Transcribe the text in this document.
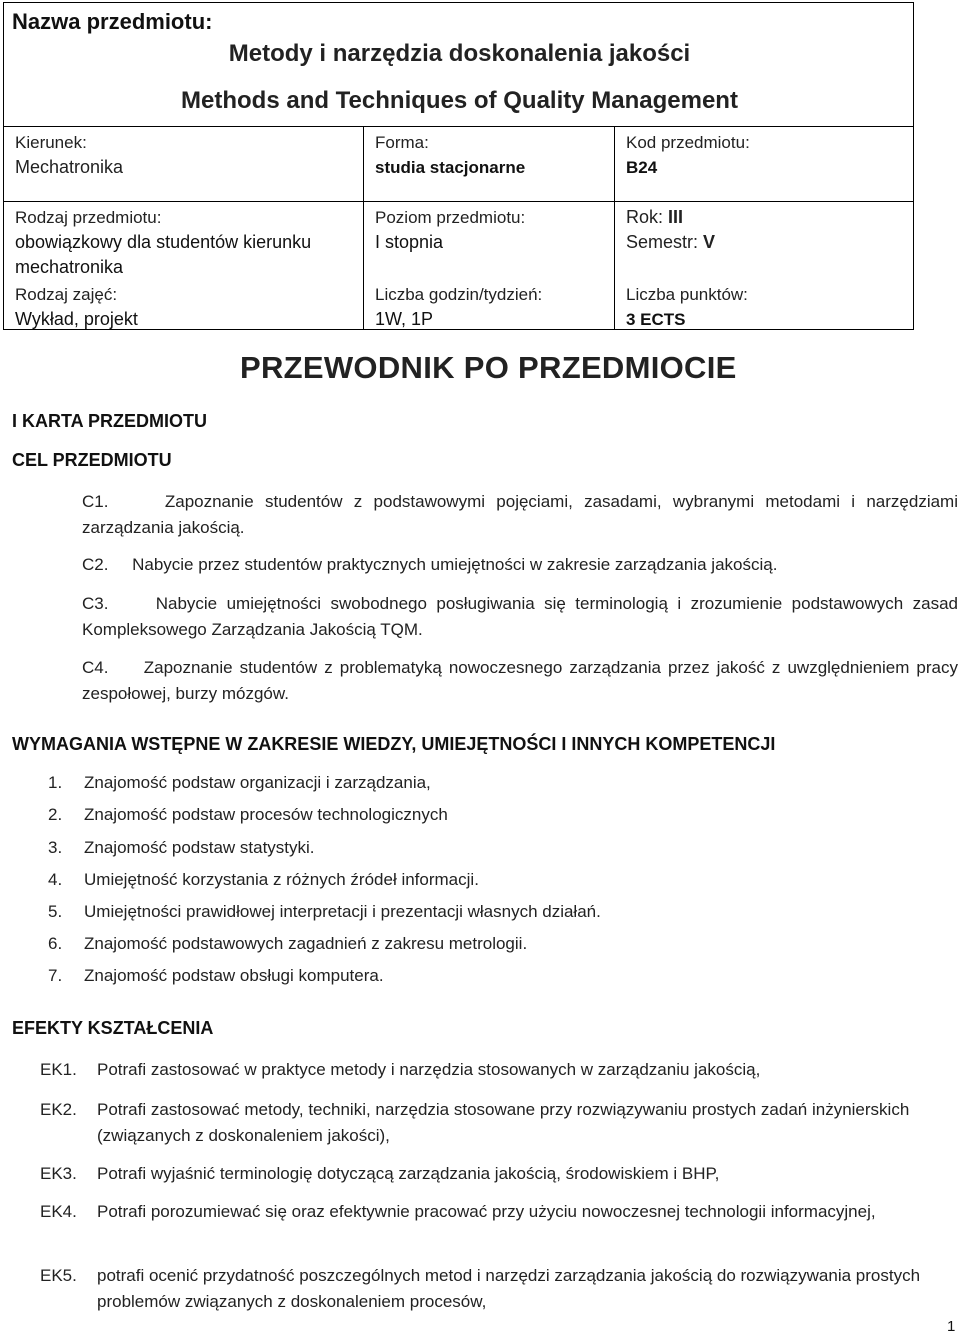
Nazwa przedmiotu:
Metody i narzędzia doskonalenia jakości
Methods and Techniques of Quality Management
Kierunek:
Mechatronika
Forma:
studia stacjonarne
Kod przedmiotu:
B24
Rodzaj przedmiotu:
obowiązkowy dla studentów kierunku mechatronika
Rodzaj zajęć:
Wykład, projekt
Poziom przedmiotu:
I stopnia
Liczba godzin/tydzień:
1W, 1P
Rok: III
Semestr: V
Liczba punktów:
3 ECTS
PRZEWODNIK PO PRZEDMIOCIE
I KARTA PRZEDMIOTU
CEL PRZEDMIOTU
C1.	Zapoznanie studentów z podstawowymi pojęciami, zasadami, wybranymi metodami i narzędziami zarządzania jakością.
C2. Nabycie przez studentów praktycznych umiejętności w zakresie zarządzania jakością.
C3.	Nabycie umiejętności swobodnego posługiwania się terminologią i zrozumienie podstawowych zasad Kompleksowego Zarządzania Jakością TQM.
C4. Zapoznanie studentów z problematyką nowoczesnego zarządzania przez jakość z uwzględnieniem pracy zespołowej, burzy mózgów.
WYMAGANIA WSTĘPNE W ZAKRESIE WIEDZY, UMIEJĘTNOŚCI I INNYCH KOMPETENCJI
1. Znajomość podstaw organizacji i zarządzania,
2. Znajomość podstaw procesów technologicznych
3. Znajomość podstaw statystyki.
4. Umiejętność korzystania z różnych źródeł informacji.
5. Umiejętności prawidłowej interpretacji i prezentacji własnych działań.
6. Znajomość podstawowych zagadnień z zakresu metrologii.
7. Znajomość podstaw obsługi komputera.
EFEKTY KSZTAŁCENIA
EK1. Potrafi zastosować w praktyce metody i narzędzia stosowanych w zarządzaniu jakością,
EK2. Potrafi zastosować metody, techniki, narzędzia stosowane przy rozwiązywaniu prostych zadań inżynierskich (związanych z doskonaleniem jakości),
EK3. Potrafi wyjaśnić terminologię dotyczącą zarządzania jakością, środowiskiem i BHP,
EK4. Potrafi porozumiewać się oraz efektywnie pracować przy użyciu nowoczesnej technologii informacyjnej,
EK5. potrafi ocenić przydatność poszczególnych metod i narzędzi zarządzania jakością do rozwiązywania prostych problemów związanych z doskonaleniem procesów,
1
